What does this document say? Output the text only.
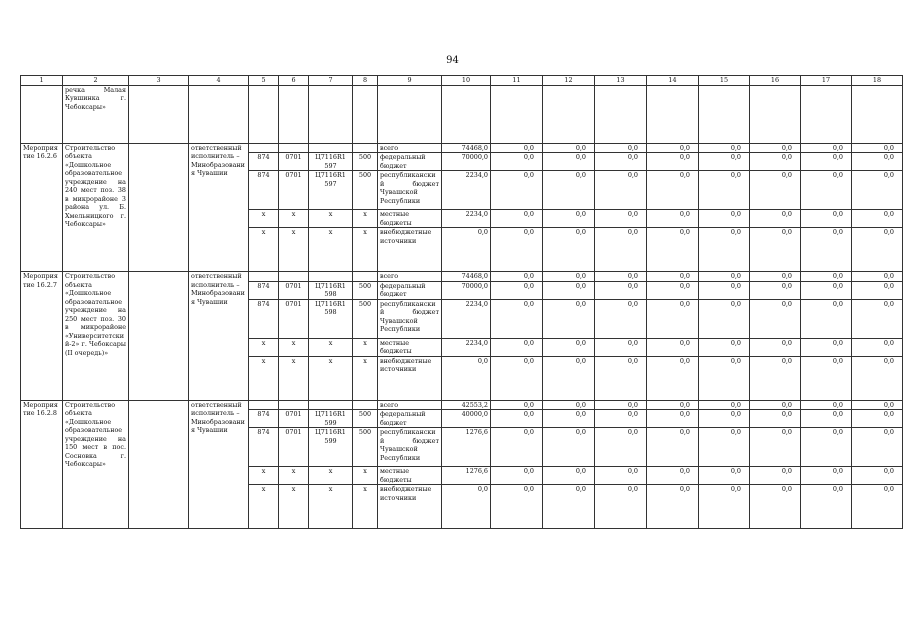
94
1	2	3	4	5	6	7	8	9	10	11	12	13	14	15	16	17	18
	речка Малая Кувшинка г. Чебоксары»																
Мероприятие 16.2.6	Строительство объекта «Дошкольное образовательное учреждение на 240 мест поз. 38 в микрорайоне 3 района ул. Б. Хмельницкого г. Чебоксары»		ответственный исполнитель – Минобразования Чувашии					всего	74468,0	0,0	0,0	0,0	0,0	0,0	0,0	0,0	0,0
				874	0701	Ц7116R1 597	500	федеральный бюджет	70000,0	0,0	0,0	0,0	0,0	0,0	0,0	0,0	0,0
				874	0701	Ц7116R1 597	500	республиканский бюджет Чувашской Республики	2234,0	0,0	0,0	0,0	0,0	0,0	0,0	0,0	0,0
				x	x	x	x	местные бюджеты	2234,0	0,0	0,0	0,0	0,0	0,0	0,0	0,0	0,0
				x	x	x	x	внебюджетные источники	0,0	0,0	0,0	0,0	0,0	0,0	0,0	0,0	0,0
Мероприятие 16.2.7	Строительство объекта «Дошкольное образовательное учреждение на 250 мест поз. 30 в микрорайоне «Университетский-2» г. Чебоксары (II очередь)»		ответственный исполнитель – Минобразования Чувашии					всего	74468,0	0,0	0,0	0,0	0,0	0,0	0,0	0,0	0,0
				874	0701	Ц7116R1 598	500	федеральный бюджет	70000,0	0,0	0,0	0,0	0,0	0,0	0,0	0,0	0,0
				874	0701	Ц7116R1 598	500	республиканский бюджет Чувашской Республики	2234,0	0,0	0,0	0,0	0,0	0,0	0,0	0,0	0,0
				x	x	x	x	местные бюджеты	2234,0	0,0	0,0	0,0	0,0	0,0	0,0	0,0	0,0
				x	x	x	x	внебюджетные источники	0,0	0,0	0,0	0,0	0,0	0,0	0,0	0,0	0,0
Мероприятие 16.2.8	Строительство объекта «Дошкольное образовательное учреждение на 150 мест в пос. Сосновка г. Чебоксары»		ответственный исполнитель – Минобразования Чувашии					всего	42553,2	0,0	0,0	0,0	0,0	0,0	0,0	0,0	0,0
				874	0701	Ц7116R1 599	500	федеральный бюджет	40000,0	0,0	0,0	0,0	0,0	0,0	0,0	0,0	0,0
				874	0701	Ц7116R1 599	500	республиканский бюджет Чувашской Республики	1276,6	0,0	0,0	0,0	0,0	0,0	0,0	0,0	0,0
				x	x	x	x	местные бюджеты	1276,6	0,0	0,0	0,0	0,0	0,0	0,0	0,0	0,0
				x	x	x	x	внебюджетные источники	0,0	0,0	0,0	0,0	0,0	0,0	0,0	0,0	0,0
